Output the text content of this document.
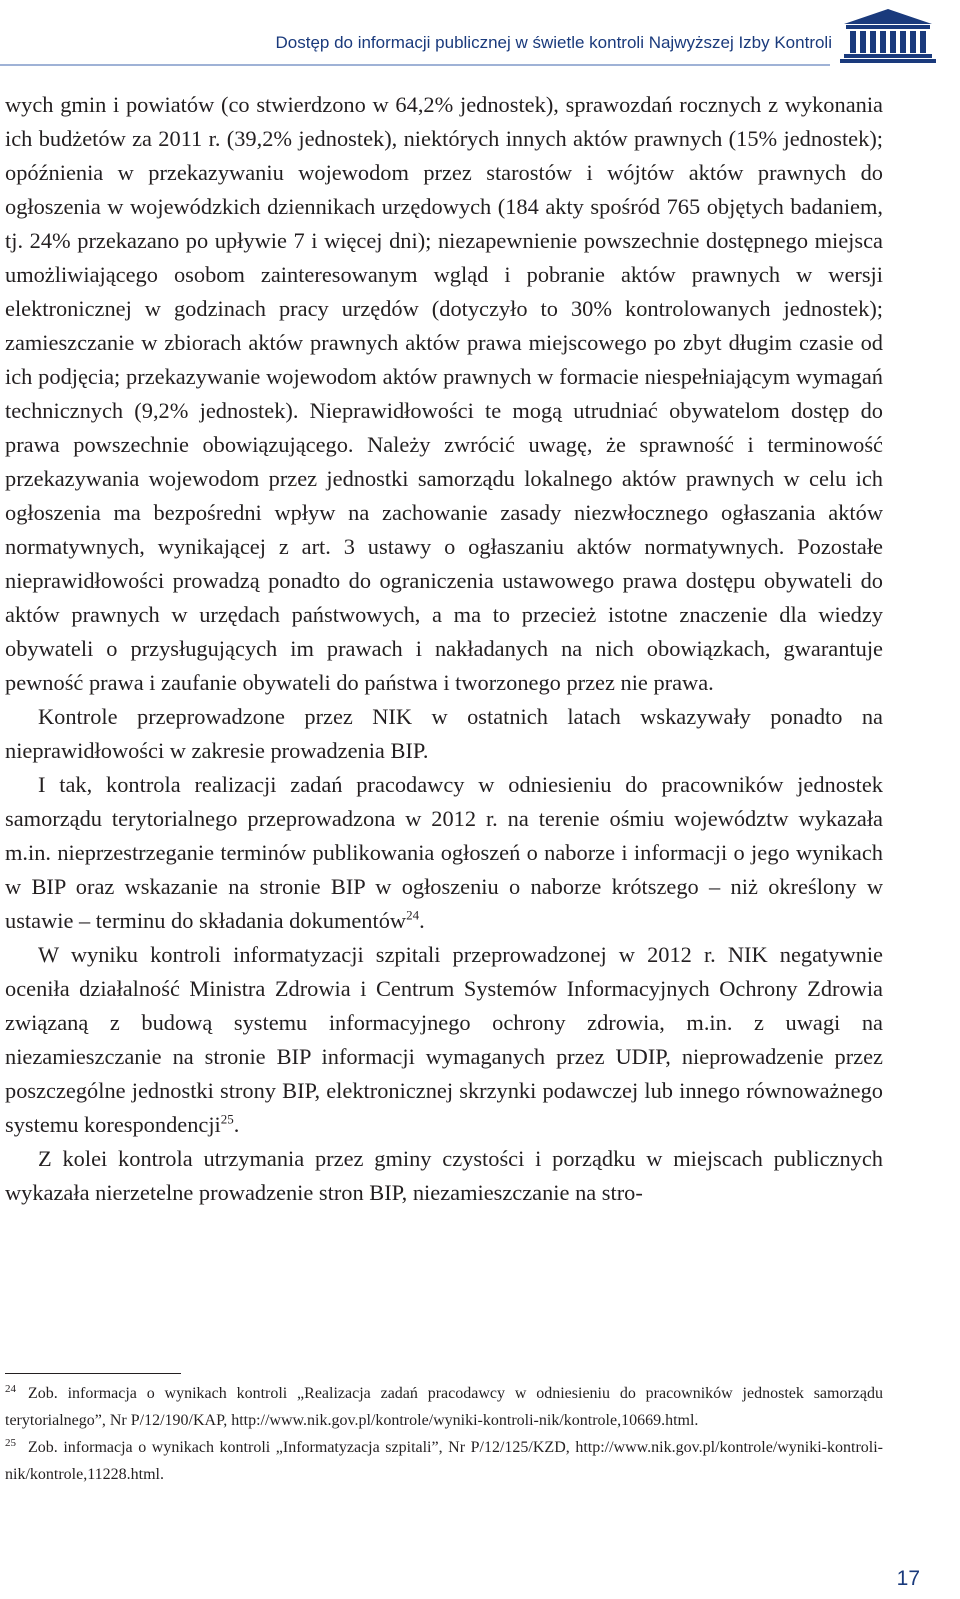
Dostęp do informacji publicznej w świetle kontroli Najwyższej Izby Kontroli

wych gmin i powiatów (co stwierdzono w 64,2% jednostek), sprawozdań rocznych z wykonania ich budżetów za 2011 r. (39,2% jednostek), niektórych innych aktów prawnych (15% jednostek); opóźnienia w przekazywaniu wojewodom przez starostów i wójtów aktów prawnych do ogłoszenia w wojewódzkich dziennikach urzędowych (184 akty spośród 765 objętych badaniem, tj. 24% przekazano po upływie 7 i więcej dni); niezapewnienie powszechnie dostępnego miejsca umożliwiającego osobom zainteresowanym wgląd i pobranie aktów prawnych w wersji elektronicznej w godzinach pracy urzędów (dotyczyło to 30% kontrolowanych jednostek); zamieszczanie w zbiorach aktów prawnych aktów prawa miejscowego po zbyt długim czasie od ich podjęcia; przekazywanie wojewodom aktów prawnych w formacie niespełniającym wymagań technicznych (9,2% jednostek). Nieprawidłowości te mogą utrudniać obywatelom dostęp do prawa powszechnie obowiązującego. Należy zwrócić uwagę, że sprawność i terminowość przekazywania wojewodom przez jednostki samorządu lokalnego aktów prawnych w celu ich ogłoszenia ma bezpośredni wpływ na zachowanie zasady niezwłocznego ogłaszania aktów normatywnych, wynikającej z art. 3 ustawy o ogłaszaniu aktów normatywnych. Pozostałe nieprawidłowości prowadzą ponadto do ograniczenia ustawowego prawa dostępu obywateli do aktów prawnych w urzędach państwowych, a ma to przecież istotne znaczenie dla wiedzy obywateli o przysługujących im prawach i nakładanych na nich obowiązkach, gwarantuje pewność prawa i zaufanie obywateli do państwa i tworzonego przez nie prawa.

Kontrole przeprowadzone przez NIK w ostatnich latach wskazywały ponadto na nieprawidłowości w zakresie prowadzenia BIP.

I tak, kontrola realizacji zadań pracodawcy w odniesieniu do pracowników jednostek samorządu terytorialnego przeprowadzona w 2012 r. na terenie ośmiu województw wykazała m.in. nieprzestrzeganie terminów publikowania ogłoszeń o naborze i informacji o jego wynikach w BIP oraz wskazanie na stronie BIP w ogłoszeniu o naborze krótszego – niż określony w ustawie – terminu do składania dokumentów$^{24}$.

W wyniku kontroli informatyzacji szpitali przeprowadzonej w 2012 r. NIK negatywnie oceniła działalność Ministra Zdrowia i Centrum Systemów Informacyjnych Ochrony Zdrowia związaną z budową systemu informacyjnego ochrony zdrowia, m.in. z uwagi na niezamieszczanie na stronie BIP informacji wymaganych przez UDIP, nieprowadzenie przez poszczególne jednostki strony BIP, elektronicznej skrzynki podawczej lub innego równoważnego systemu korespondencji$^{25}$.

Z kolei kontrola utrzymania przez gminy czystości i porządku w miejscach publicznych wykazała nierzetelne prowadzenie stron BIP, niezamieszczanie na stro-

$^{24}$ Zob. informacja o wynikach kontroli „Realizacja zadań pracodawcy w odniesieniu do pracowników jednostek samorządu terytorialnego”, Nr P/12/190/KAP, http://www.nik.gov.pl/kontrole/wyniki-kontroli-nik/kontrole,10669.html.

$^{25}$ Zob. informacja o wynikach kontroli „Informatyzacja szpitali”, Nr P/12/125/KZD, http://www.nik.gov.pl/kontrole/wyniki-kontroli-nik/kontrole,11228.html.

17
